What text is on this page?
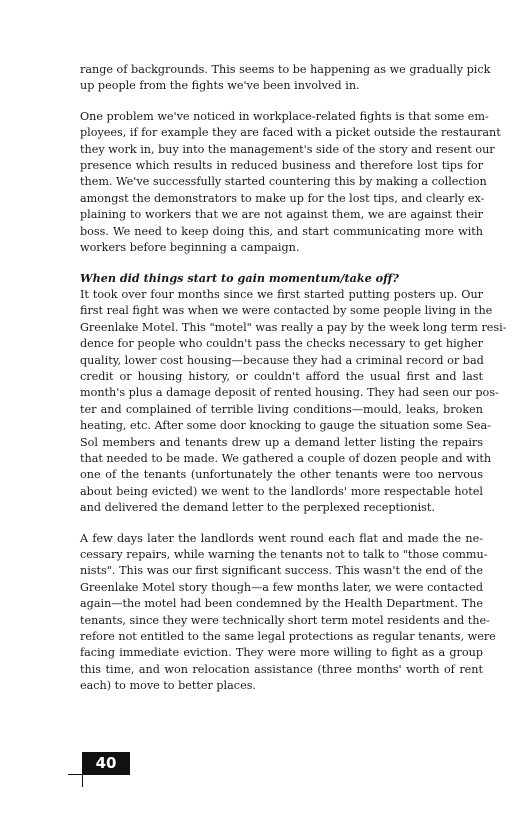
range of backgrounds. This seems to be happening as we gradually pick
up people from the fights we've been involved in.
One problem we've noticed in workplace-related fights is that some em-
ployees, if for example they are faced with a picket outside the restaurant
they work in, buy into the management's side of the story and resent our
presence which results in reduced business and therefore lost tips for
them. We've successfully started countering this by making a collection
amongst the demonstrators to make up for the lost tips, and clearly ex-
plaining to workers that we are not against them, we are against their
boss. We need to keep doing this, and start communicating more with
workers before beginning a campaign.
When did things start to gain momentum/take off?
It took over four months since we first started putting posters up. Our
first real fight was when we were contacted by some people living in the
Greenlake Motel. This "motel" was really a pay by the week long term resi-
dence for people who couldn't pass the checks necessary to get higher
quality, lower cost housing—because they had a criminal record or bad
credit or housing history, or couldn't afford the usual first and last
month's plus a damage deposit of rented housing. They had seen our pos-
ter and complained of terrible living conditions—mould, leaks, broken
heating, etc. After some door knocking to gauge the situation some Sea-
Sol members and tenants drew up a demand letter listing the repairs
that needed to be made. We gathered a couple of dozen people and with
one of the tenants (unfortunately the other tenants were too nervous
about being evicted) we went to the landlords' more respectable hotel
and delivered the demand letter to the perplexed receptionist.
A few days later the landlords went round each flat and made the ne-
cessary repairs, while warning the tenants not to talk to "those commu-
nists". This was our first significant success. This wasn't the end of the
Greenlake Motel story though—a few months later, we were contacted
again—the motel had been condemned by the Health Department. The
tenants, since they were technically short term motel residents and the-
refore not entitled to the same legal protections as regular tenants, were
facing immediate eviction. They were more willing to fight as a group
this time, and won relocation assistance (three months' worth of rent
each) to move to better places.
40
